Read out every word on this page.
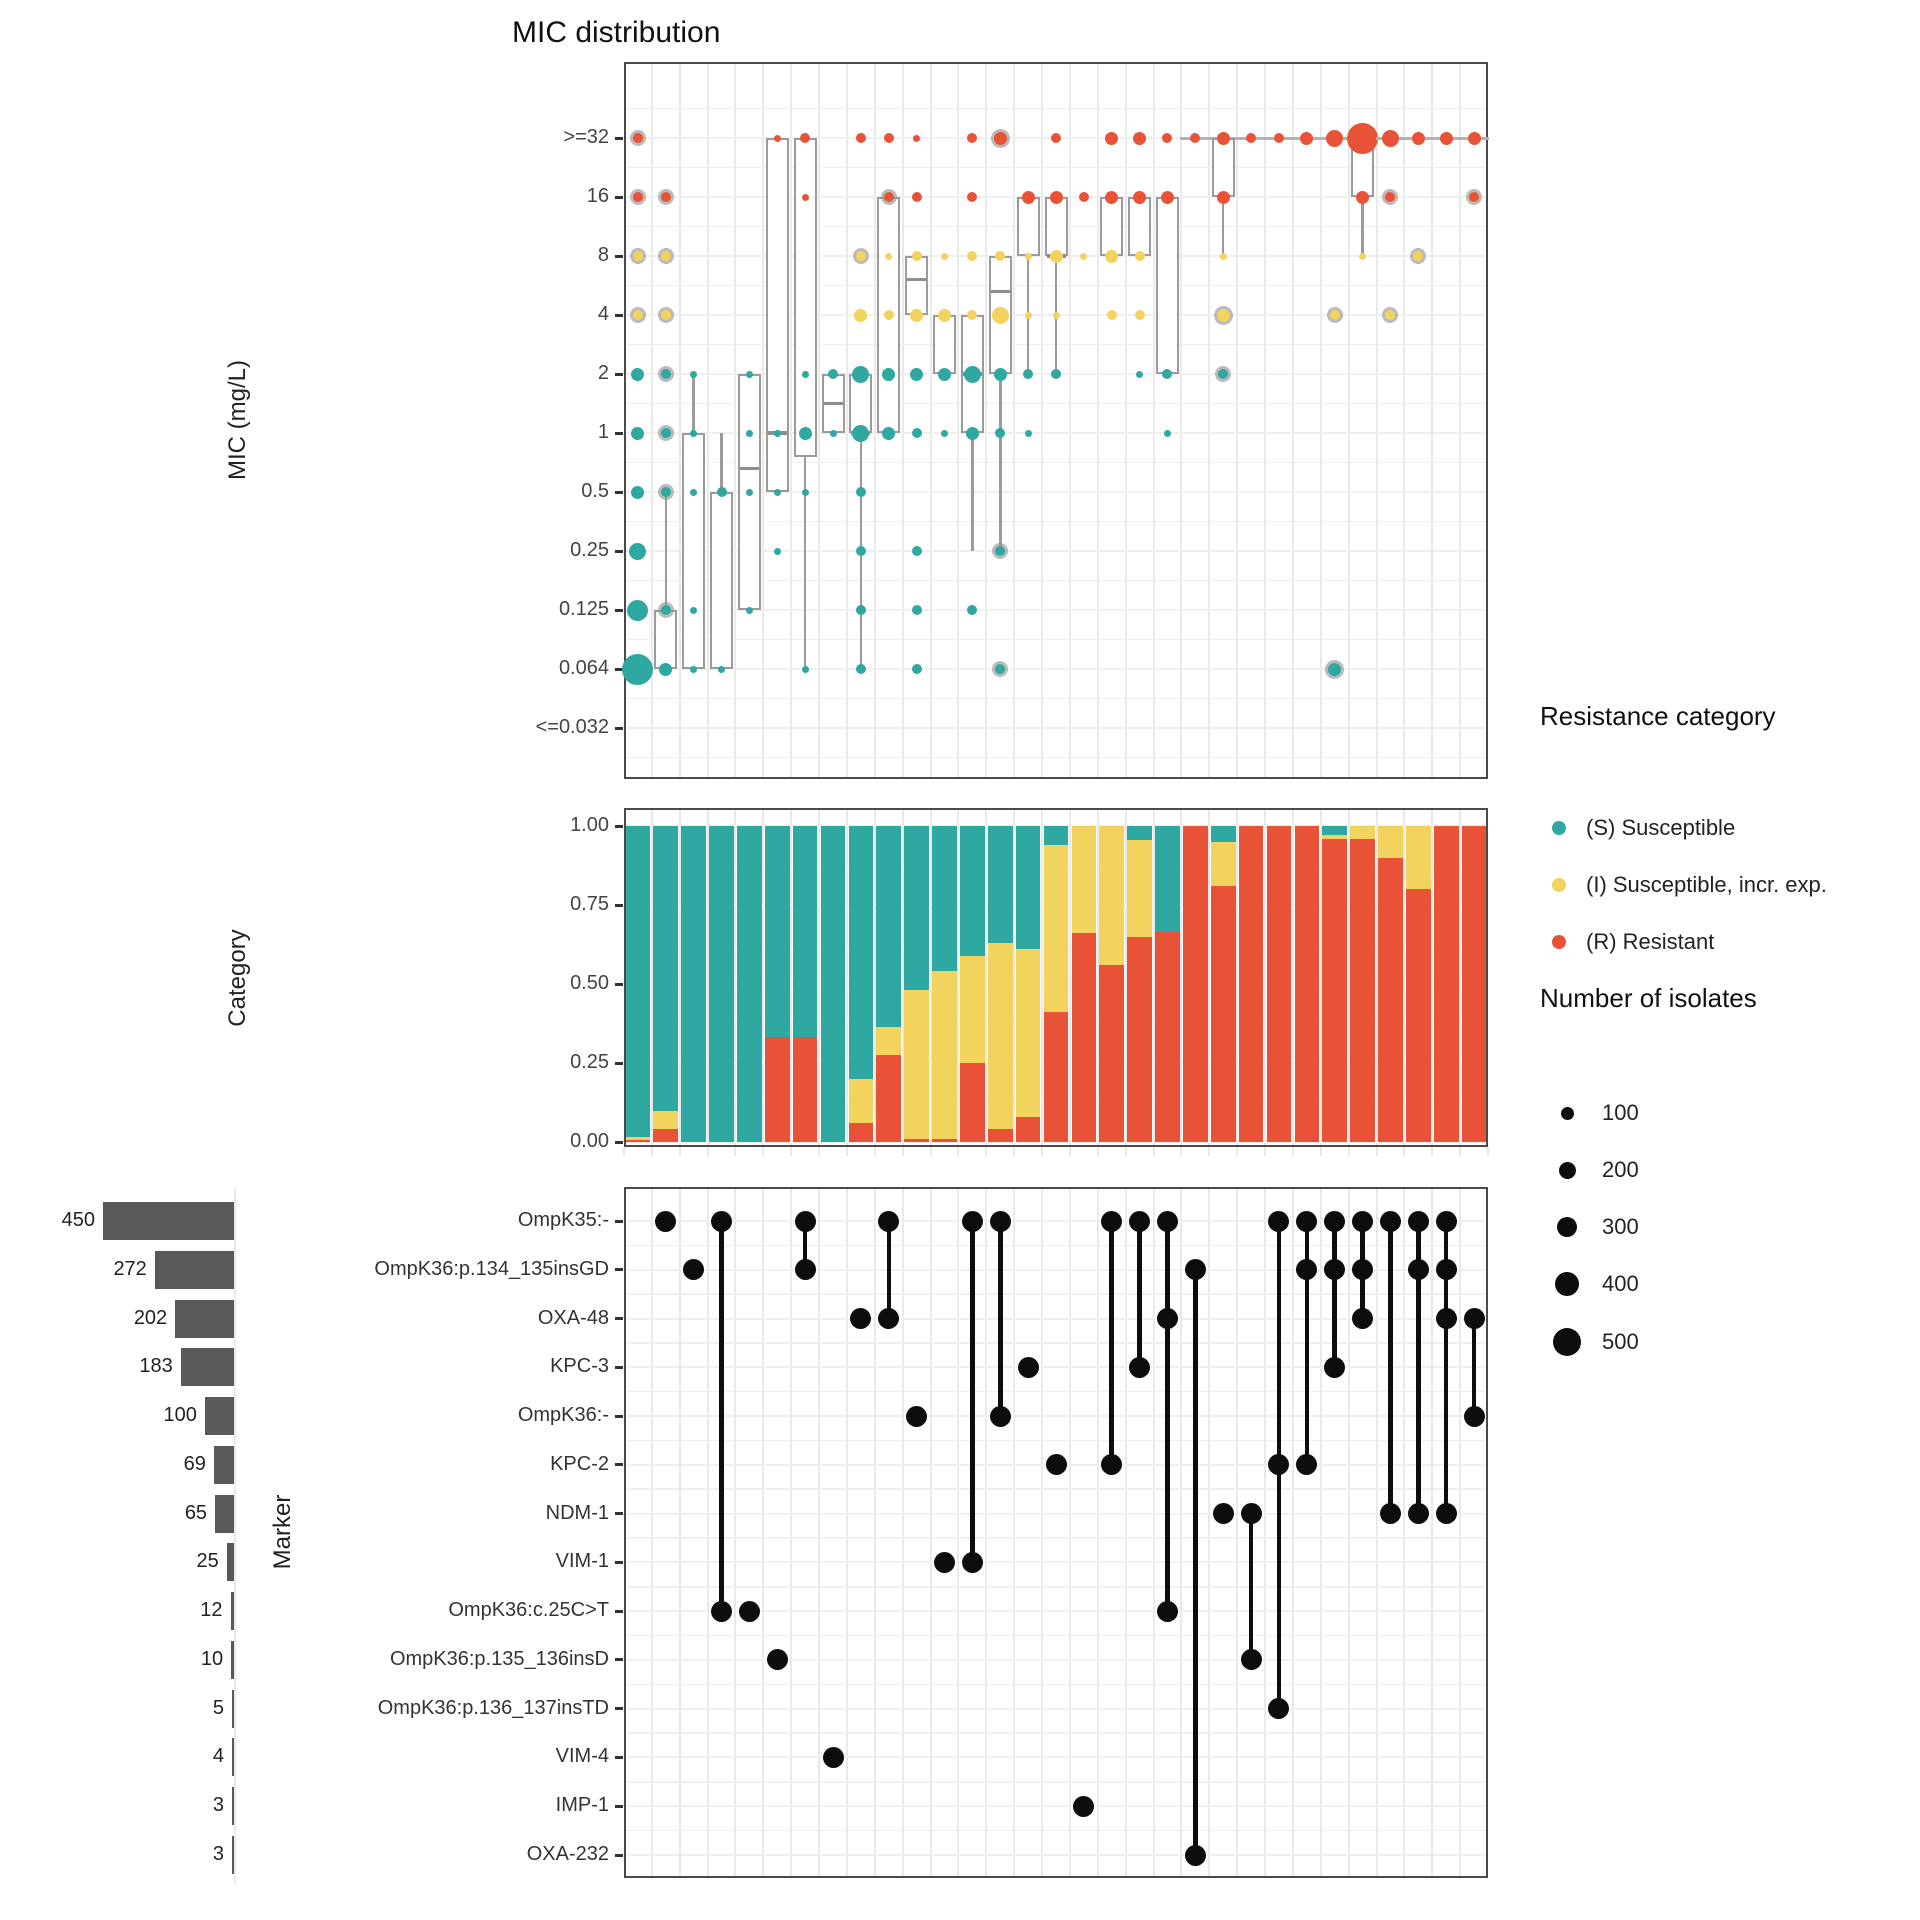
MIC distribution
MIC (mg/L)
Category
Marker
>=32
16
8
4
2
1
0.5
0.25
0.125
0.064
<=0.032
1.00
0.75
0.50
0.25
0.00
OmpK35:-
OmpK36:p.134_135insGD
OXA-48
KPC-3
OmpK36:-
KPC-2
NDM-1
VIM-1
OmpK36:c.25C>T
OmpK36:p.135_136insD
OmpK36:p.136_137insTD
VIM-4
IMP-1
OXA-232
450
272
202
183
100
69
65
25
12
10
5
4
3
3
Resistance category
(S) Susceptible
(I) Susceptible, incr. exp.
(R) Resistant
Number of isolates
100
200
300
400
500
